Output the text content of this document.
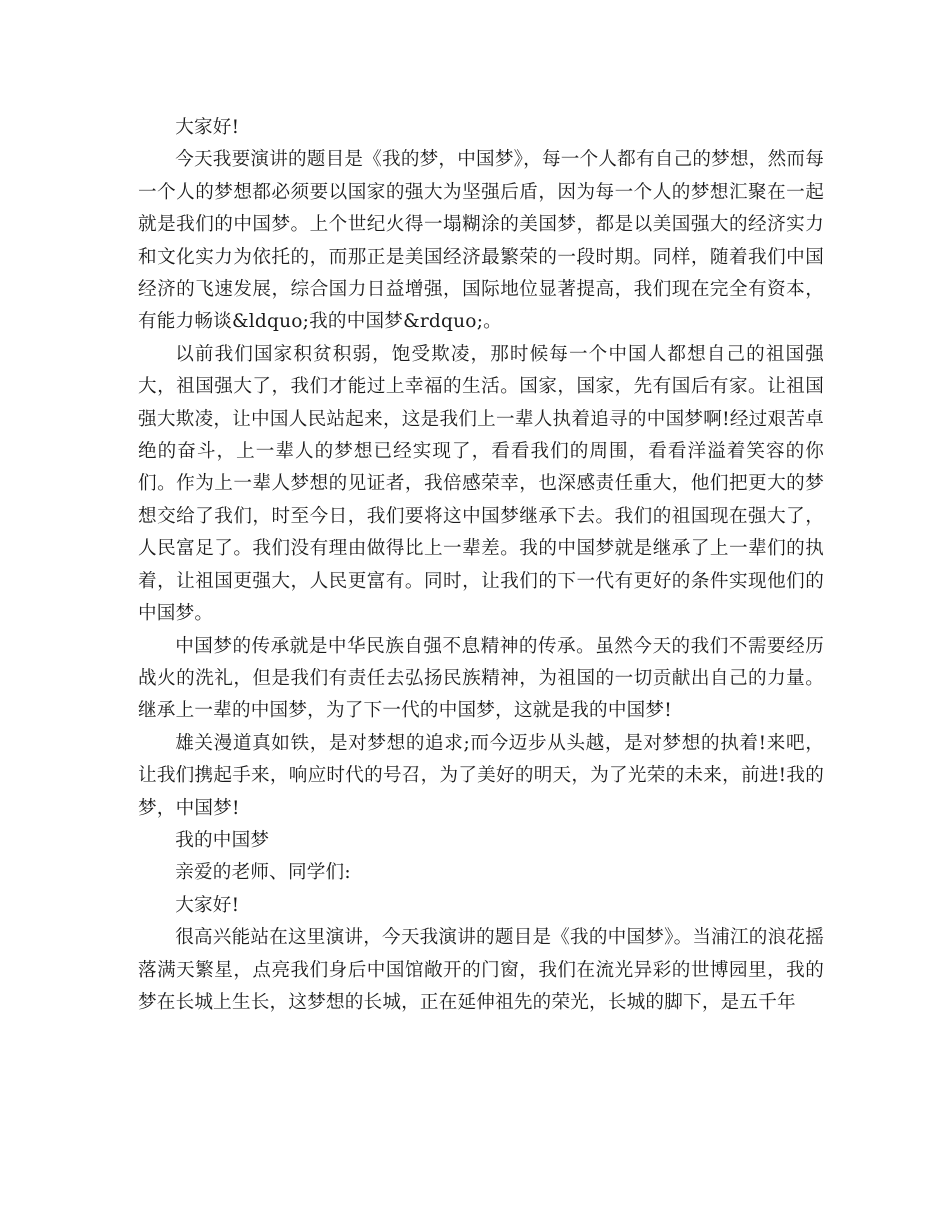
大家好!

今天我要演讲的题目是《我的梦，中国梦》，每一个人都有自己的梦想，然而每一个人的梦想都必须要以国家的强大为坚强后盾，因为每一个人的梦想汇聚在一起就是我们的中国梦。上个世纪火得一塌糊涂的美国梦，都是以美国强大的经济实力和文化实力为依托的，而那正是美国经济最繁荣的一段时期。同样，随着我们中国经济的飞速发展，综合国力日益增强，国际地位显著提高，我们现在完全有资本，有能力畅谈&ldquo;我的中国梦&rdquo;。

以前我们国家积贫积弱，饱受欺凌，那时候每一个中国人都想自己的祖国强大，祖国强大了，我们才能过上幸福的生活。国家，国家，先有国后有家。让祖国强大欺凌，让中国人民站起来，这是我们上一辈人执着追寻的中国梦啊!经过艰苦卓绝的奋斗，上一辈人的梦想已经实现了，看看我们的周围，看看洋溢着笑容的你们。作为上一辈人梦想的见证者，我倍感荣幸，也深感责任重大，他们把更大的梦想交给了我们，时至今日，我们要将这中国梦继承下去。我们的祖国现在强大了，人民富足了。我们没有理由做得比上一辈差。我的中国梦就是继承了上一辈们的执着，让祖国更强大，人民更富有。同时，让我们的下一代有更好的条件实现他们的中国梦。

中国梦的传承就是中华民族自强不息精神的传承。虽然今天的我们不需要经历战火的洗礼，但是我们有责任去弘扬民族精神，为祖国的一切贡献出自己的力量。继承上一辈的中国梦，为了下一代的中国梦，这就是我的中国梦!

雄关漫道真如铁，是对梦想的追求;而今迈步从头越，是对梦想的执着!来吧，让我们携起手来，响应时代的号召，为了美好的明天，为了光荣的未来，前进!我的梦，中国梦!

我的中国梦

亲爱的老师、同学们:

大家好!

很高兴能站在这里演讲，今天我演讲的题目是《我的中国梦》。当浦江的浪花摇落满天繁星，点亮我们身后中国馆敞开的门窗，我们在流光异彩的世博园里，我的梦在长城上生长，这梦想的长城，正在延伸祖先的荣光，长城的脚下，是五千年
